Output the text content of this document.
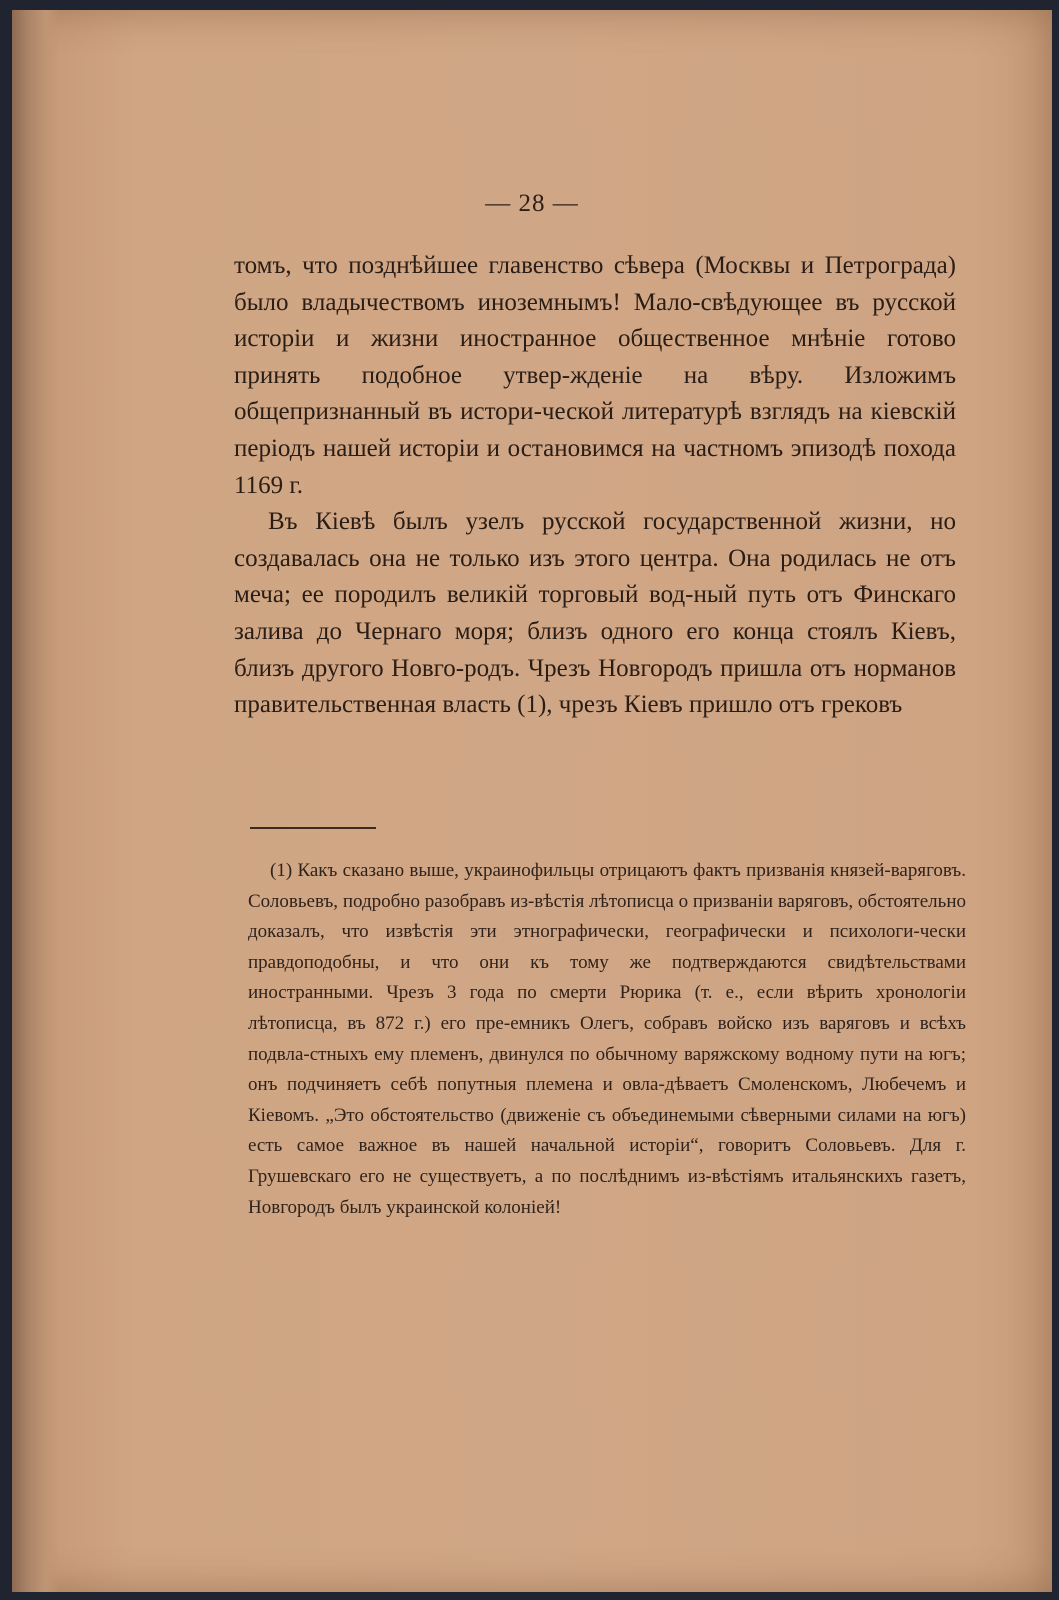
— 28 —

томъ, что позднѣйшее главенство сѣвера (Москвы и Петрограда) было владычествомъ иноземнымъ! Мало-свѣдующее въ русской исторіи и жизни иностранное общественное мнѣніе готово принять подобное утвер-жденіе на вѣру. Изложимъ общепризнанный въ истори-ческой литературѣ взглядъ на кіевскій періодъ нашей исторіи и остановимся на частномъ эпизодѣ похода 1169 г.

Въ Кіевѣ былъ узелъ русской государственной жизни, но создавалась она не только изъ этого центра. Она родилась не отъ меча; ее породилъ великій торговый вод-ный путь отъ Финскаго залива до Чернаго моря; близъ одного его конца стоялъ Кіевъ, близъ другого Новго-родъ. Чрезъ Новгородъ пришла отъ норманов правительственная власть (1), чрезъ Кіевъ пришло отъ грековъ

(1) Какъ сказано выше, украинофильцы отрицаютъ фактъ призванія князей-варяговъ. Соловьевъ, подробно разобравъ из-вѣстія лѣтописца о призваніи варяговъ, обстоятельно доказалъ, что извѣстія эти этнографически, географически и психологи-чески правдоподобны, и что они къ тому же подтверждаются свидѣтельствами иностранными. Чрезъ 3 года по смерти Рюрика (т. е., если вѣрить хронологіи лѣтописца, въ 872 г.) его пре-емникъ Олегъ, собравъ войско изъ варяговъ и всѣхъ подвла-стныхъ ему племенъ, двинулся по обычному варяжскому водному пути на югъ; онъ подчиняетъ себѣ попутныя племена и овла-дѣваетъ Смоленскомъ, Любечемъ и Кіевомъ. „Это обстоятельство (движеніе съ объединемыми сѣверными силами на югъ) есть самое важное въ нашей начальной исторіи“, говоритъ Соловьевъ. Для г. Грушевскаго его не существуетъ, а по послѣднимъ из-вѣстіямъ итальянскихъ газетъ, Новгородъ былъ украинской колоніей!
